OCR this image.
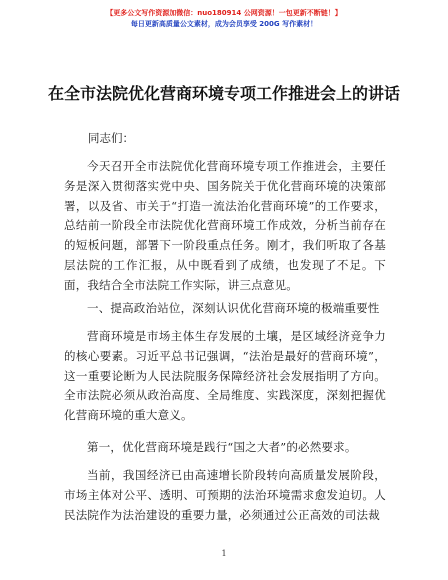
【更多公文写作资源加微信：nuo180914 公网资源！一包更新不断链！】
每日更新高质量公文素材，成为会员享受 200G 写作素材！
在全市法院优化营商环境专项工作推进会上的讲话
同志们：

今天召开全市法院优化营商环境专项工作推进会，主要任务是深入贯彻落实党中央、国务院关于优化营商环境的决策部署，以及省、市关于“打造一流法治化营商环境”的工作要求，总结前一阶段全市法院优化营商环境工作成效，分析当前存在的短板问题，部署下一阶段重点任务。刚才，我们听取了各基层法院的工作汇报，从中既看到了成绩，也发现了不足。下面，我结合全市法院工作实际，讲三点意见。

一、提高政治站位，深刻认识优化营商环境的极端重要性

营商环境是市场主体生存发展的土壤，是区域经济竞争力的核心要素。习近平总书记强调，“法治是最好的营商环境”，这一重要论断为人民法院服务保障经济社会发展指明了方向。全市法院必须从政治高度、全局维度、实践深度，深刻把握优化营商环境的重大意义。

第一，优化营商环境是践行“国之大者”的必然要求。

当前，我国经济已由高速增长阶段转向高质量发展阶段，市场主体对公平、透明、可预期的法治环境需求愈发迫切。人民法院作为法治建设的重要力量，必须通过公正高效的司法裁

1
